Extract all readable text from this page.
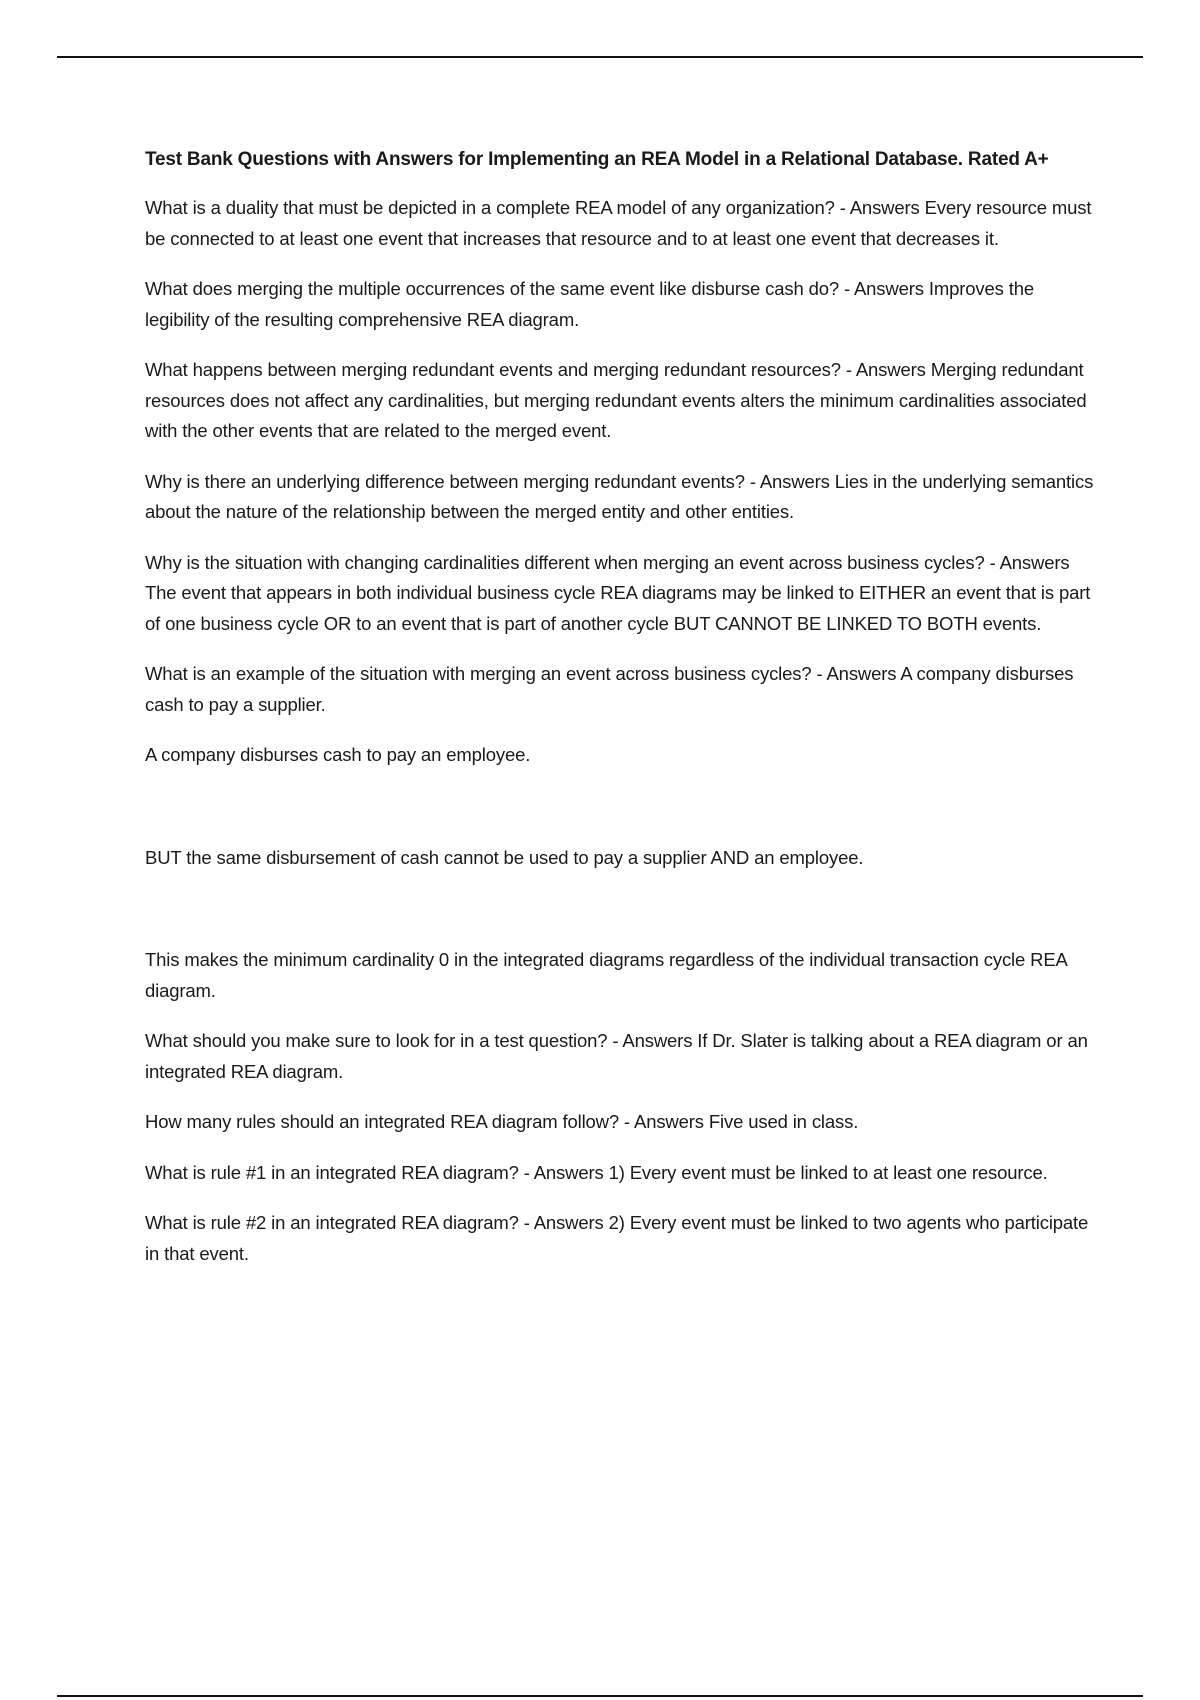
Test Bank Questions with Answers for Implementing an REA Model in a Relational Database. Rated A+

What is a duality that must be depicted in a complete REA model of any organization? - Answers Every resource must be connected to at least one event that increases that resource and to at least one event that decreases it.

What does merging the multiple occurrences of the same event like disburse cash do? - Answers Improves the legibility of the resulting comprehensive REA diagram.

What happens between merging redundant events and merging redundant resources? - Answers Merging redundant resources does not affect any cardinalities, but merging redundant events alters the minimum cardinalities associated with the other events that are related to the merged event.

Why is there an underlying difference between merging redundant events? - Answers Lies in the underlying semantics about the nature of the relationship between the merged entity and other entities.

Why is the situation with changing cardinalities different when merging an event across business cycles? - Answers The event that appears in both individual business cycle REA diagrams may be linked to EITHER an event that is part of one business cycle OR to an event that is part of another cycle BUT CANNOT BE LINKED TO BOTH events.

What is an example of the situation with merging an event across business cycles? - Answers A company disburses cash to pay a supplier.

A company disburses cash to pay an employee.

BUT the same disbursement of cash cannot be used to pay a supplier AND an employee.

This makes the minimum cardinality 0 in the integrated diagrams regardless of the individual transaction cycle REA diagram.

What should you make sure to look for in a test question? - Answers If Dr. Slater is talking about a REA diagram or an integrated REA diagram.

How many rules should an integrated REA diagram follow? - Answers Five used in class.

What is rule #1 in an integrated REA diagram? - Answers 1) Every event must be linked to at least one resource.

What is rule #2 in an integrated REA diagram? - Answers 2) Every event must be linked to two agents who participate in that event.
